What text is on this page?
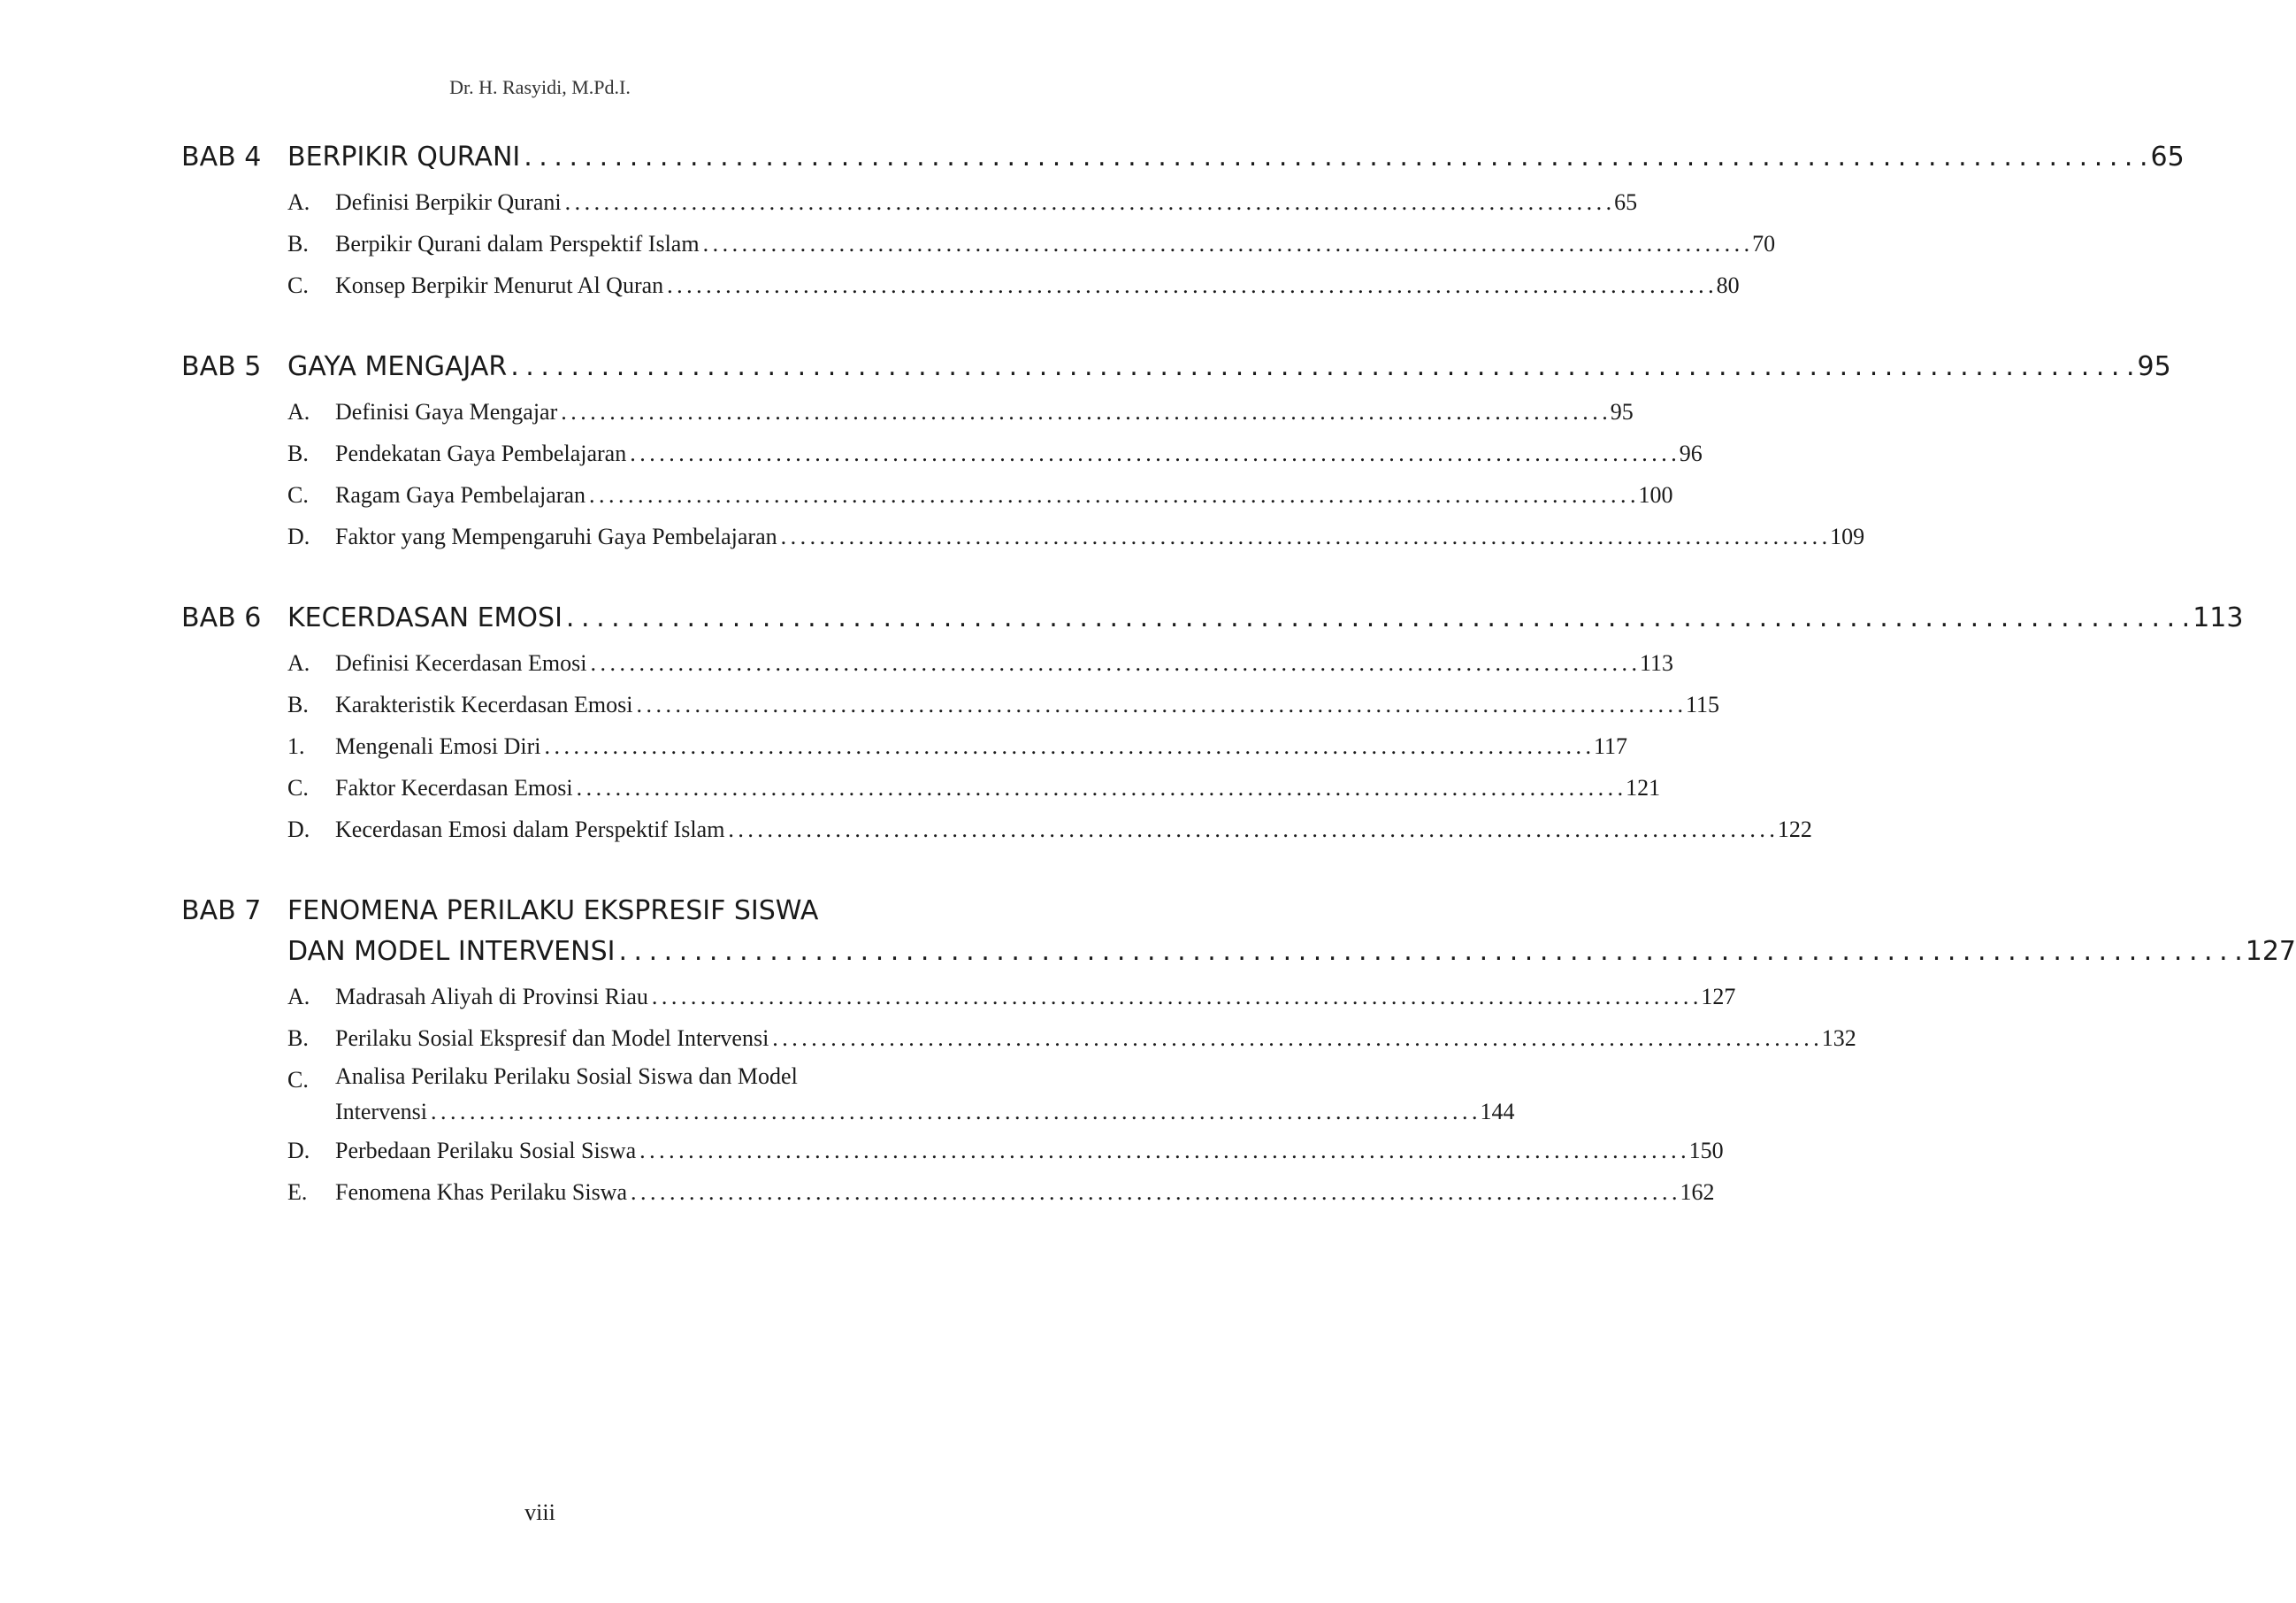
Dr. H. Rasyidi, M.Pd.I.
BAB 4 BERPIKIR QURANI . . .	65
A.	Definisi Berpikir Qurani . . .	65
B.	Berpikir Qurani dalam Perspektif Islam . . .	70
C.	Konsep Berpikir Menurut Al Quran . . .	80
BAB 5 GAYA MENGAJAR . . .	95
A.	Definisi Gaya Mengajar . . .	95
B.	Pendekatan Gaya Pembelajaran . . .	96
C.	Ragam Gaya Pembelajaran . . .	100
D.	Faktor yang Mempengaruhi Gaya Pembelajaran . . .	109
BAB 6 KECERDASAN EMOSI . . .	113
A.	Definisi Kecerdasan Emosi . . .	113
B.	Karakteristik Kecerdasan Emosi . . .	115
1.	Mengenali Emosi Diri . . .	117
C.	Faktor Kecerdasan Emosi . . .	121
D.	Kecerdasan Emosi dalam Perspektif Islam . . .	122
BAB 7 FENOMENA PERILAKU EKSPRESIF SISWA
DAN MODEL INTERVENSI . . .	127
A.	Madrasah Aliyah di Provinsi Riau . . .	127
B.	Perilaku Sosial Ekspresif dan Model Intervensi . . .	132
C.	Analisa Perilaku Perilaku Sosial Siswa dan Model
Intervensi . . .	144
D.	Perbedaan Perilaku Sosial Siswa . . .	150
E.	Fenomena Khas Perilaku Siswa . . .	162
viii
